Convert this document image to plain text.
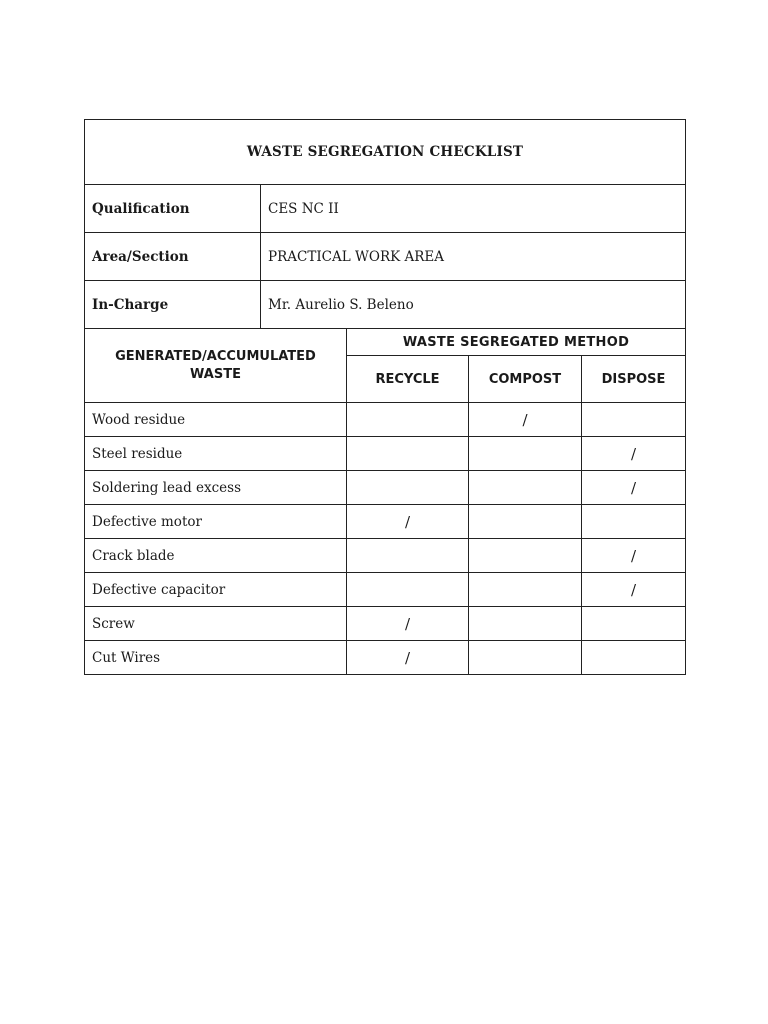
WASTE SEGREGATION CHECKLIST				
Qualification	CES NC II			
Area/Section	PRACTICAL WORK AREA			
In-Charge	Mr. Aurelio S. Beleno			
GENERATED/ACCUMULATED WASTE		WASTE SEGREGATED METHOD		
		RECYCLE	COMPOST	DISPOSE
Wood residue			/	
Steel residue				/
Soldering lead excess				/
Defective motor		/		
Crack blade				/
Defective capacitor				/
Screw		/		
Cut Wires		/		
